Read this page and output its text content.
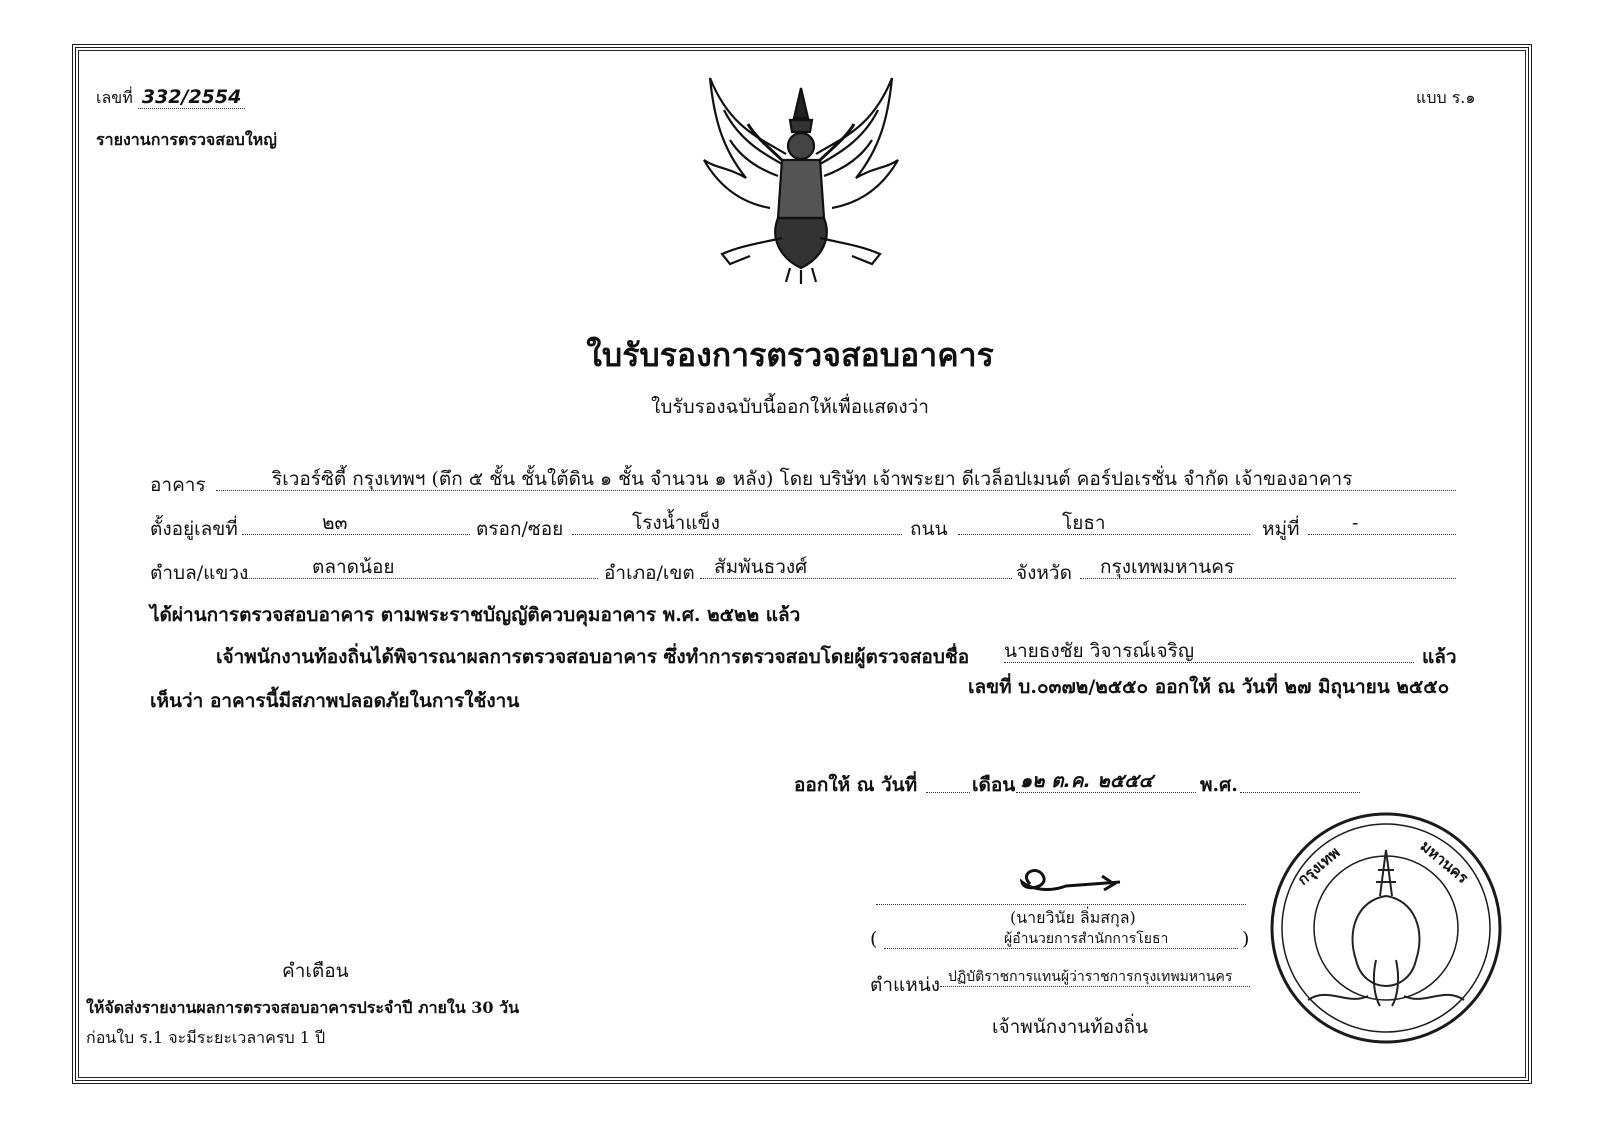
เลขที่ 332/2554
รายงานการตรวจสอบใหญ่
แบบ ร.๑
ใบรับรองการตรวจสอบอาคาร
ใบรับรองฉบับนี้ออกให้เพื่อแสดงว่า
อาคาร	ริเวอร์ซิตี้ กรุงเทพฯ (ตึก ๕ ชั้น ชั้นใต้ดิน ๑ ชั้น จำนวน ๑ หลัง) โดย บริษัท เจ้าพระยา ดีเวล็อปเมนต์ คอร์ปอเรชั่น จำกัด เจ้าของอาคาร
ตั้งอยู่เลขที่	๒๓	ตรอก/ซอย	โรงน้ำแข็ง	ถนน	โยธา	หมู่ที่	-
ตำบล/แขวง	ตลาดน้อย	อำเภอ/เขต สัมพันธวงศ์	จังหวัด กรุงเทพมหานคร
ได้ผ่านการตรวจสอบอาคาร ตามพระราชบัญญัติควบคุมอาคาร พ.ศ. ๒๕๒๒ แล้ว
เจ้าพนักงานท้องถิ่นได้พิจารณาผลการตรวจสอบอาคาร ซึ่งทำการตรวจสอบโดยผู้ตรวจสอบชื่อ นายธงชัย วิจารณ์เจริญ	แล้ว
เลขที่ บ.๐๓๗๒/๒๕๕๐ ออกให้ ณ วันที่ ๒๗ มิถุนายน ๒๕๕๐
เห็นว่า อาคารนี้มีสภาพปลอดภัยในการใช้งาน
ออกให้ ณ วันที่	เดือน ๑๒ ต.ค. ๒๕๕๔ พ.ศ.
(นายวินัย ลิ่มสกุล)
(	ผู้อำนวยการสำนักการโยธา	)
ตำแหน่ง ปฏิบัติราชการแทนผู้ว่าราชการกรุงเทพมหานคร
เจ้าพนักงานท้องถิ่น
กรุงเทพ	มหานคร
คำเตือน
ให้จัดส่งรายงานผลการตรวจสอบอาคารประจำปี ภายใน 30 วัน
ก่อนใบ ร.1 จะมีระยะเวลาครบ 1 ปี
